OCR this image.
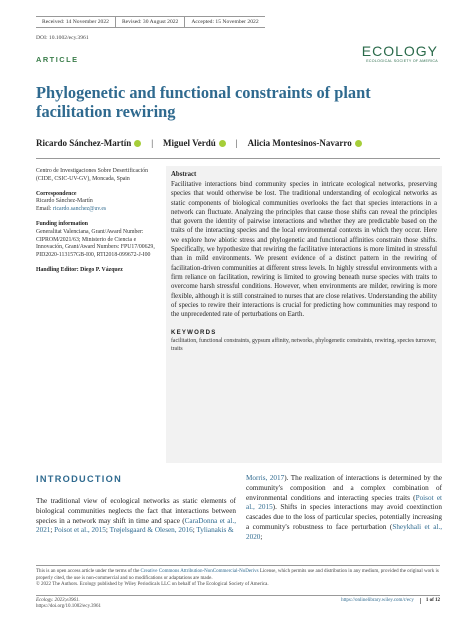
Received: 14 November 2022	Revised: 30 August 2022	Accepted: 15 November 2022
DOI: 10.1002/ecy.3961
ARTICLE
ECOLOGY
ECOLOGICAL SOCIETY OF AMERICA
Phylogenetic and functional constraints of plant facilitation rewiring
Ricardo Sánchez-Martín | Miguel Verdú | Alicia Montesinos-Navarro
Centro de Investigaciones Sobre Desertificación (CIDE, CSIC-UV-GV), Moncada, Spain
Correspondence
Ricardo Sánchez-Martín
Email: ricardo.sanchez@uv.es
Funding information
Generalitat Valenciana, Grant/Award Number: CIPROM/2021/63; Ministerio de Ciencia e Innovación, Grant/Award Numbers: FPU17/00629, PID2020-113157GB-I00, RTI2018-099672-J-I00
Handling Editor: Diego P. Vázquez
Abstract

Facilitative interactions bind community species in intricate ecological networks, preserving species that would otherwise be lost. The traditional understanding of ecological networks as static components of biological communities overlooks the fact that species interactions in a network can fluctuate. Analyzing the principles that cause those shifts can reveal the principles that govern the identity of pairwise interactions and whether they are predictable based on the traits of the interacting species and the local environmental contexts in which they occur. Here we explore how abiotic stress and phylogenetic and functional affinities constrain those shifts. Specifically, we hypothesize that rewiring the facilitative interactions is more limited in stressful than in mild environments. We present evidence of a distinct pattern in the rewiring of facilitation-driven communities at different stress levels. In highly stressful environments with a firm reliance on facilitation, rewiring is limited to growing beneath nurse species with traits to overcome harsh stressful conditions. However, when environments are milder, rewiring is more flexible, although it is still constrained to nurses that are close relatives. Understanding the ability of species to rewire their interactions is crucial for predicting how communities may respond to the unprecedented rate of perturbations on Earth.

KEYWORDS
facilitation, functional constraints, gypsum affinity, networks, phylogenetic constraints, rewiring, species turnover, traits
INTRODUCTION

The traditional view of ecological networks as static elements of biological communities neglects the fact that interactions between species in a network may shift in time and space (CaraDonna et al., 2021; Poisot et al., 2015; Trøjelsgaard & Olesen, 2016; Tylianakis &

Morris, 2017). The realization of interactions is determined by the community's composition and a complex combination of environmental conditions and interacting species traits (Poisot et al., 2015). Shifts in species interactions may avoid coextinction cascades due to the loss of particular species, potentially increasing a community's robustness to face perturbation (Sheykhali et al., 2020;

This is an open access article under the terms of the Creative Commons Attribution-NonCommercial-NoDerivs License, which permits use and distribution in any medium, provided the original work is properly cited, the use is non-commercial and no modifications or adaptations are made.
© 2022 The Authors. Ecology published by Wiley Periodicals LLC on behalf of The Ecological Society of America.
Ecology. 2023;e3961.	https://onlinelibrary.wiley.com/r/ecy	1 of 12
https://doi.org/10.1002/ecy.3961
